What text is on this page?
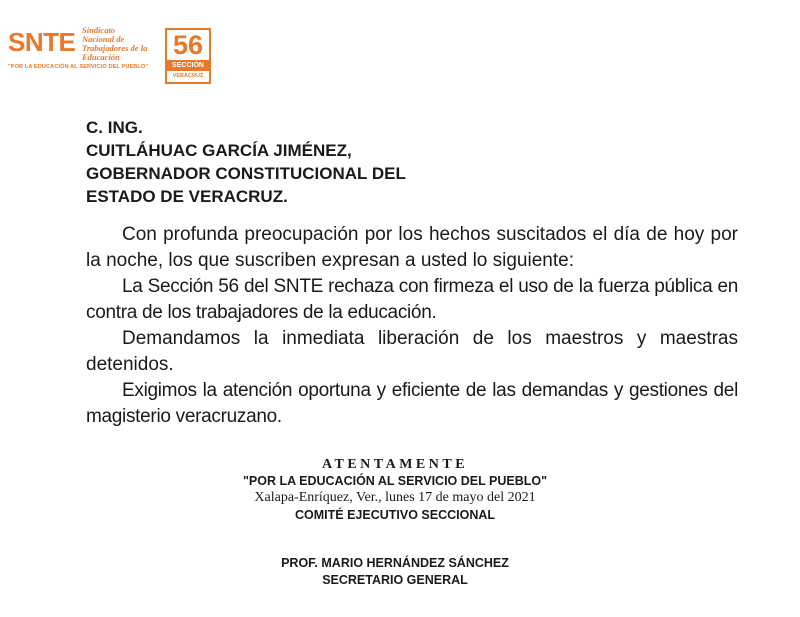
SNTE Sindicato
Nacional de
Trabajadores de la
Educación
"POR LA EDUCACIÓN AL SERVICIO DEL PUEBLO"
56
SECCIÓN
VERACRUZ
C. ING.
CUITLÁHUAC GARCÍA JIMÉNEZ,
GOBERNADOR CONSTITUCIONAL DEL
ESTADO DE VERACRUZ.

Con profunda preocupación por los hechos suscitados el día de hoy por la noche, los que suscriben expresan a usted lo siguiente:

La Sección 56 del SNTE rechaza con firmeza el uso de la fuerza pública en contra de los trabajadores de la educación.

Demandamos la inmediata liberación de los maestros y maestras detenidos.

Exigimos la atención oportuna y eficiente de las demandas y gestiones del magisterio veracruzano.

ATENTAMENTE
"POR LA EDUCACIÓN AL SERVICIO DEL PUEBLO"
Xalapa-Enríquez, Ver., lunes 17 de mayo del 2021
COMITÉ EJECUTIVO SECCIONAL
PROF. MARIO HERNÁNDEZ SÁNCHEZ
SECRETARIO GENERAL
